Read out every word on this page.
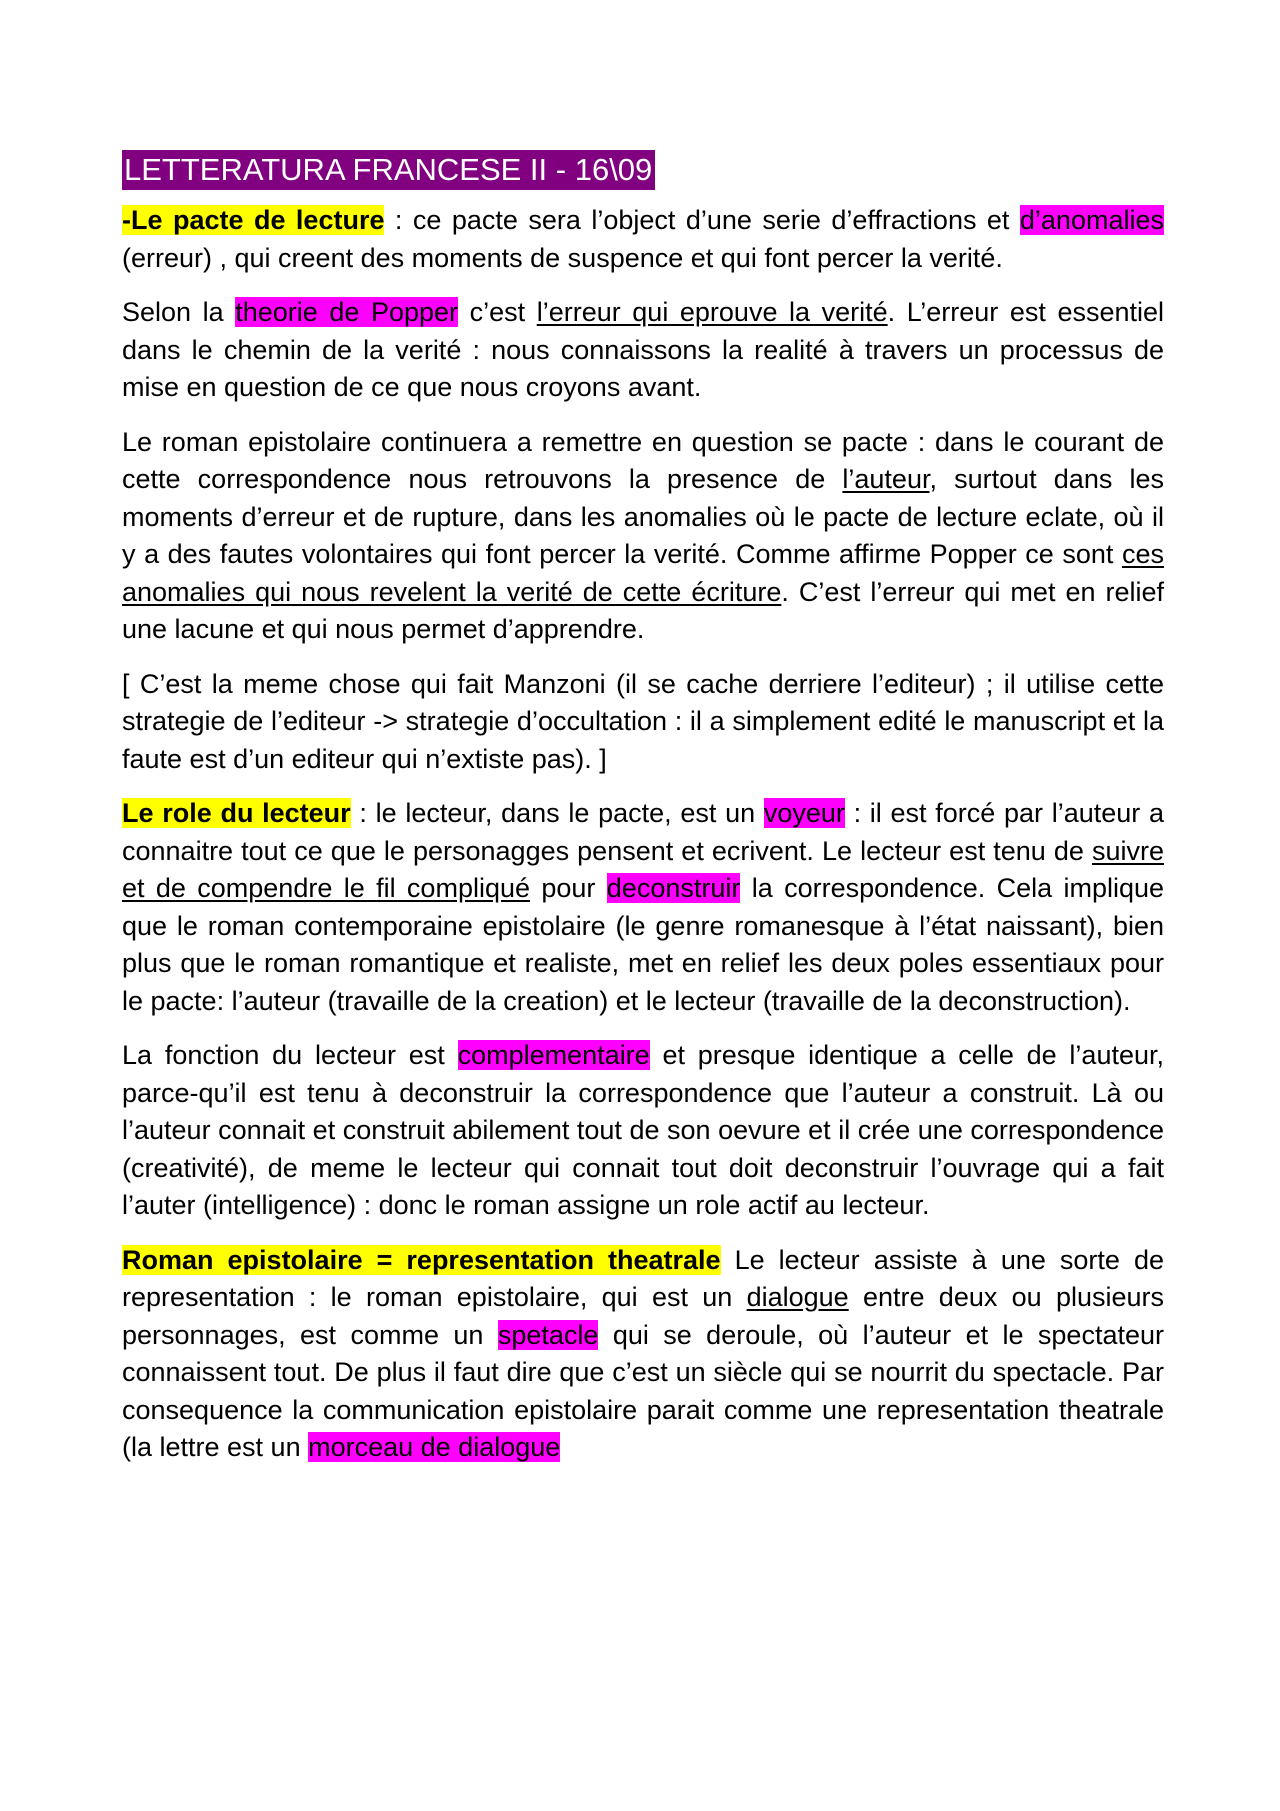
LETTERATURA FRANCESE II - 16\09

-Le pacte de lecture : ce pacte sera l’object d’une serie d’effractions et d’anomalies (erreur) , qui creent des moments de suspence et qui font percer la verité.

Selon la theorie de Popper c’est l’erreur qui eprouve la verité. L’erreur est essentiel dans le chemin de la verité : nous connaissons la realité à travers un processus de mise en question de ce que nous croyons avant.

Le roman epistolaire continuera a remettre en question se pacte : dans le courant de cette correspondence nous retrouvons la presence de l’auteur, surtout dans les moments d’erreur et de rupture, dans les anomalies où le pacte de lecture eclate, où il y a des fautes volontaires qui font percer la verité. Comme affirme Popper ce sont ces anomalies qui nous revelent la verité de cette écriture. C’est l’erreur qui met en relief une lacune et qui nous permet d’apprendre.

[ C’est la meme chose qui fait Manzoni (il se cache derriere l’editeur) ; il utilise cette strategie de l’editeur -> strategie d’occultation : il a simplement edité le manuscript et la faute est d’un editeur qui n’extiste pas). ]

Le role du lecteur : le lecteur, dans le pacte, est un voyeur : il est forcé par l’auteur a connaitre tout ce que le personagges pensent et ecrivent. Le lecteur est tenu de suivre et de compendre le fil compliqué pour deconstruir la correspondence. Cela implique que le roman contemporaine epistolaire (le genre romanesque à l’état naissant), bien plus que le roman romantique et realiste, met en relief les deux poles essentiaux pour le pacte: l’auteur (travaille de la creation) et le lecteur (travaille de la deconstruction).

La fonction du lecteur est complementaire et presque identique a celle de l’auteur, parce-qu’il est tenu à deconstruir la correspondence que l’auteur a construit. Là ou l’auteur connait et construit abilement tout de son oevure et il crée une correspondence (creativité), de meme le lecteur qui connait tout doit deconstruir l’ouvrage qui a fait l’auter (intelligence) : donc le roman assigne un role actif au lecteur.

Roman epistolaire = representation theatrale Le lecteur assiste à une sorte de representation : le roman epistolaire, qui est un dialogue entre deux ou plusieurs personnages, est comme un spetacle qui se deroule, où l’auteur et le spectateur connaissent tout. De plus il faut dire que c’est un siècle qui se nourrit du spectacle. Par consequence la communication epistolaire parait comme une representation theatrale (la lettre est un morceau de dialogue
